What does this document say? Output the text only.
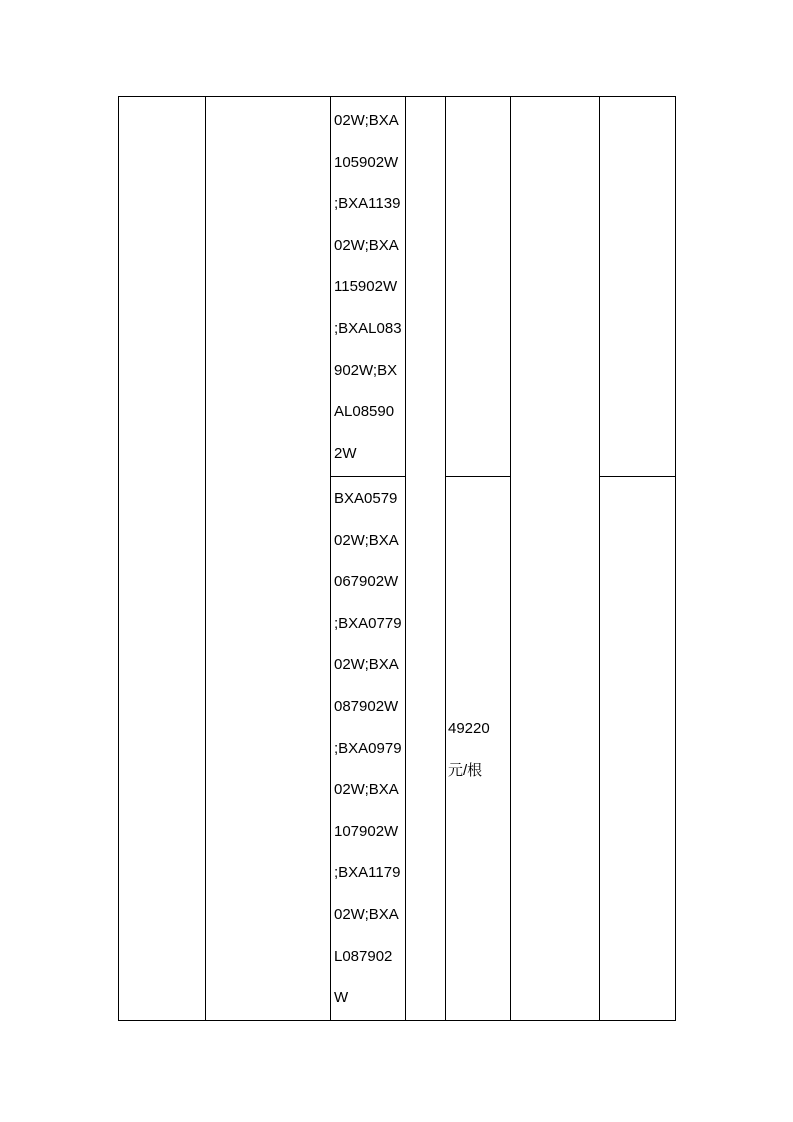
02W;BXA
105902W
;BXA1139
02W;BXA
115902W
;BXAL083
902W;BX
AL08590
2W
BXA0579
02W;BXA
067902W
;BXA0779
02W;BXA
087902W
;BXA0979
02W;BXA
107902W
;BXA1179
02W;BXA
L087902
W
49220
元/根
